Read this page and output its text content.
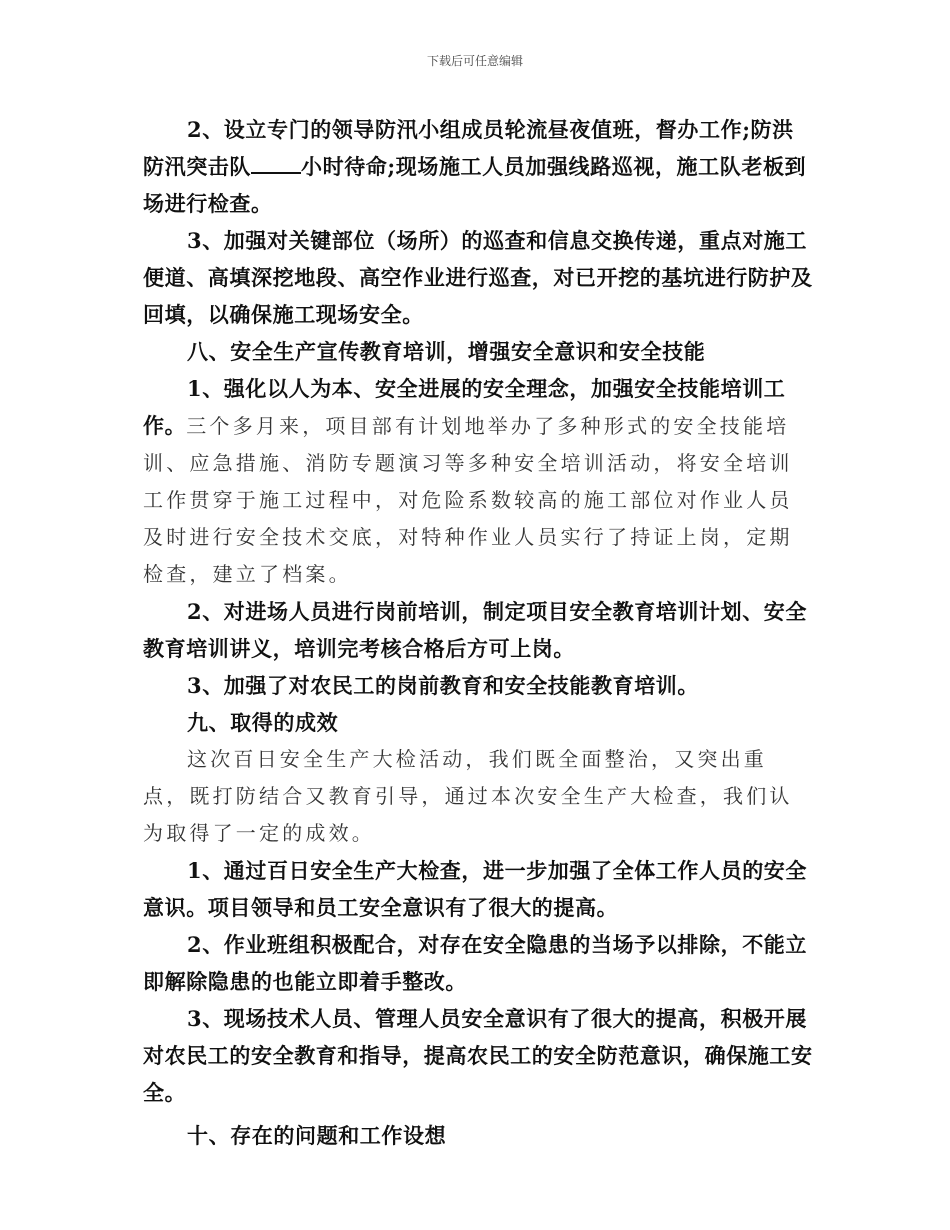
下载后可任意编辑

2、设立专门的领导防汛小组成员轮流昼夜值班，督办工作;防洪防汛突击队 小时待命;现场施工人员加强线路巡视，施工队老板到场进行检查。

3、加强对关键部位（场所）的巡查和信息交换传递，重点对施工便道、高填深挖地段、高空作业进行巡查，对已开挖的基坑进行防护及回填，以确保施工现场安全。

八、安全生产宣传教育培训，增强安全意识和安全技能

1、强化以人为本、安全进展的安全理念，加强安全技能培训工作。三个多月来，项目部有计划地举办了多种形式的安全技能培训、应急措施、消防专题演习等多种安全培训活动，将安全培训工作贯穿于施工过程中，对危险系数较高的施工部位对作业人员及时进行安全技术交底，对特种作业人员实行了持证上岗，定期检查，建立了档案。

2、对进场人员进行岗前培训，制定项目安全教育培训计划、安全教育培训讲义，培训完考核合格后方可上岗。

3、加强了对农民工的岗前教育和安全技能教育培训。

九、取得的成效

这次百日安全生产大检活动，我们既全面整治，又突出重点，既打防结合又教育引导，通过本次安全生产大检查，我们认为取得了一定的成效。

1、通过百日安全生产大检查，进一步加强了全体工作人员的安全意识。项目领导和员工安全意识有了很大的提高。

2、作业班组积极配合，对存在安全隐患的当场予以排除，不能立即解除隐患的也能立即着手整改。

3、现场技术人员、管理人员安全意识有了很大的提高，积极开展对农民工的安全教育和指导，提高农民工的安全防范意识，确保施工安全。

十、存在的问题和工作设想
